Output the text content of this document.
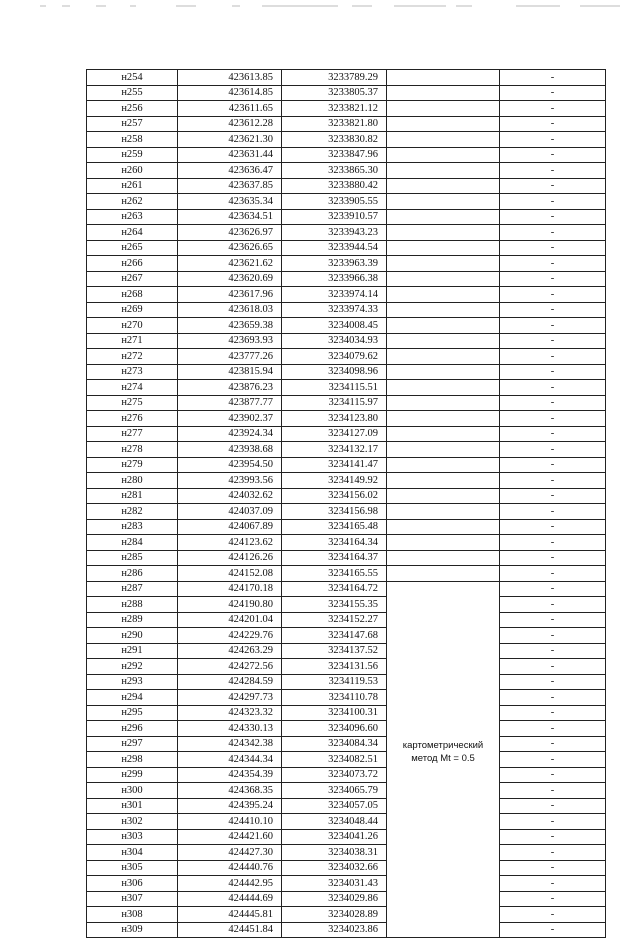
н254	423613.85	3233789.29		-
н255	423614.85	3233805.37		-
н256	423611.65	3233821.12		-
н257	423612.28	3233821.80		-
н258	423621.30	3233830.82		-
н259	423631.44	3233847.96		-
н260	423636.47	3233865.30		-
н261	423637.85	3233880.42		-
н262	423635.34	3233905.55		-
н263	423634.51	3233910.57		-
н264	423626.97	3233943.23		-
н265	423626.65	3233944.54		-
н266	423621.62	3233963.39		-
н267	423620.69	3233966.38		-
н268	423617.96	3233974.14		-
н269	423618.03	3233974.33		-
н270	423659.38	3234008.45		-
н271	423693.93	3234034.93		-
н272	423777.26	3234079.62		-
н273	423815.94	3234098.96		-
н274	423876.23	3234115.51		-
н275	423877.77	3234115.97		-
н276	423902.37	3234123.80		-
н277	423924.34	3234127.09		-
н278	423938.68	3234132.17		-
н279	423954.50	3234141.47		-
н280	423993.56	3234149.92		-
н281	424032.62	3234156.02		-
н282	424037.09	3234156.98		-
н283	424067.89	3234165.48		-
н284	424123.62	3234164.34		-
н285	424126.26	3234164.37		-
н286	424152.08	3234165.55		-
н287	424170.18	3234164.72		-
н288	424190.80	3234155.35		-
н289	424201.04	3234152.27		-
н290	424229.76	3234147.68		-
н291	424263.29	3234137.52		-
н292	424272.56	3234131.56		-
н293	424284.59	3234119.53		-
н294	424297.73	3234110.78		-
н295	424323.32	3234100.31		-
н296	424330.13	3234096.60		-
н297	424342.38	3234084.34	картометрический	-
н298	424344.34	3234082.51	метод Mt = 0.5	-
н299	424354.39	3234073.72		-
н300	424368.35	3234065.79		-
н301	424395.24	3234057.05		-
н302	424410.10	3234048.44		-
н303	424421.60	3234041.26		-
н304	424427.30	3234038.31		-
н305	424440.76	3234032.66		-
н306	424442.95	3234031.43		-
н307	424444.69	3234029.86		-
н308	424445.81	3234028.89		-
н309	424451.84	3234023.86		-
